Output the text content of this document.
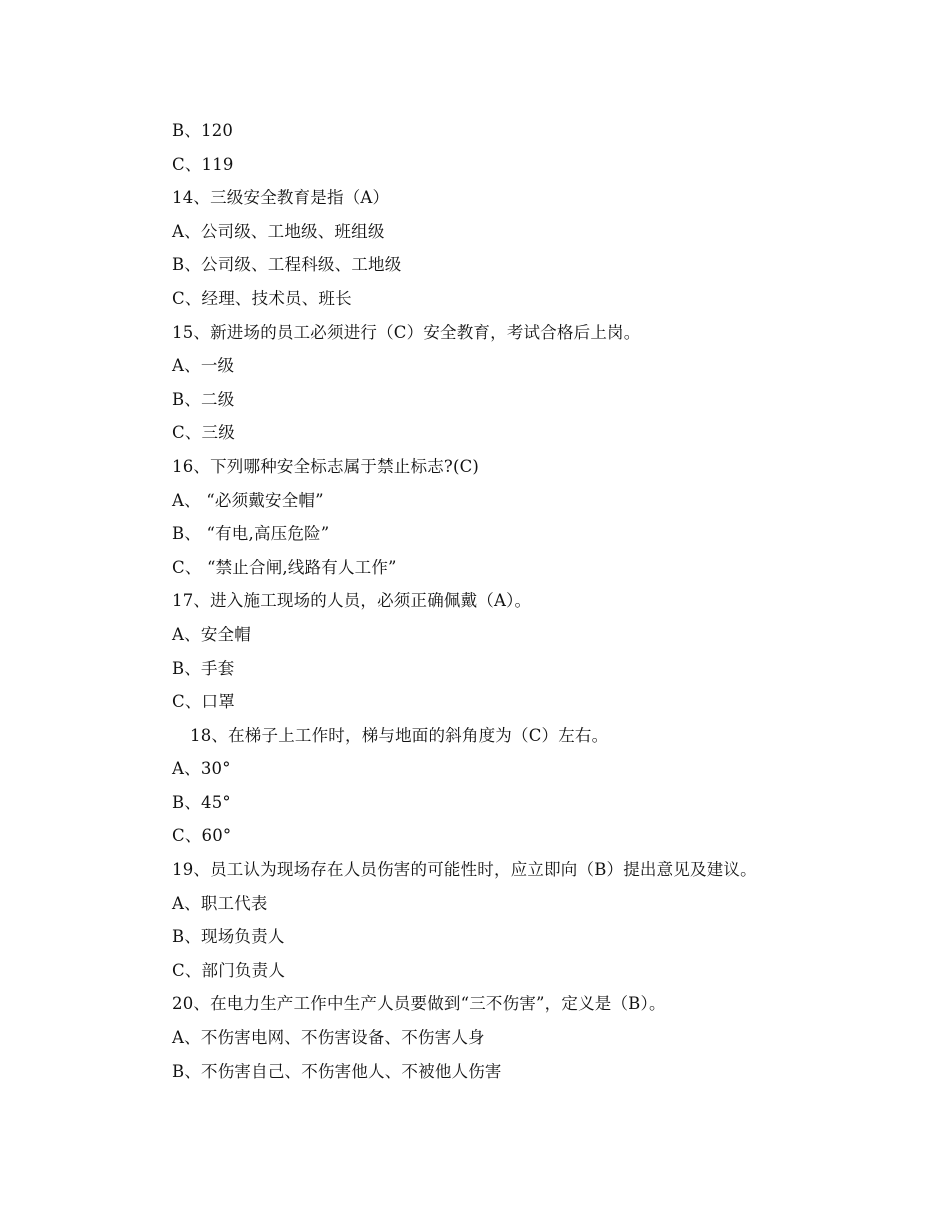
B、120
C、119
14、三级安全教育是指（A）
A、公司级、工地级、班组级
B、公司级、工程科级、工地级
C、经理、技术员、班长
15、新进场的员工必须进行（C）安全教育，考试合格后上岗。
A、一级
B、二级
C、三级
16、下列哪种安全标志属于禁止标志?(C)
A、 “必须戴安全帽”
B、 “有电,高压危险”
C、 “禁止合闸,线路有人工作”
17、进入施工现场的人员，必须正确佩戴（A）。
A、安全帽
B、手套
C、口罩
18、在梯子上工作时，梯与地面的斜角度为（C）左右。
A、30°
B、45°
C、60°
19、员工认为现场存在人员伤害的可能性时，应立即向（B）提出意见及建议。
A、职工代表
B、现场负责人
C、部门负责人
20、在电力生产工作中生产人员要做到“三不伤害”，定义是（B）。
A、不伤害电网、不伤害设备、不伤害人身
B、不伤害自己、不伤害他人、不被他人伤害
